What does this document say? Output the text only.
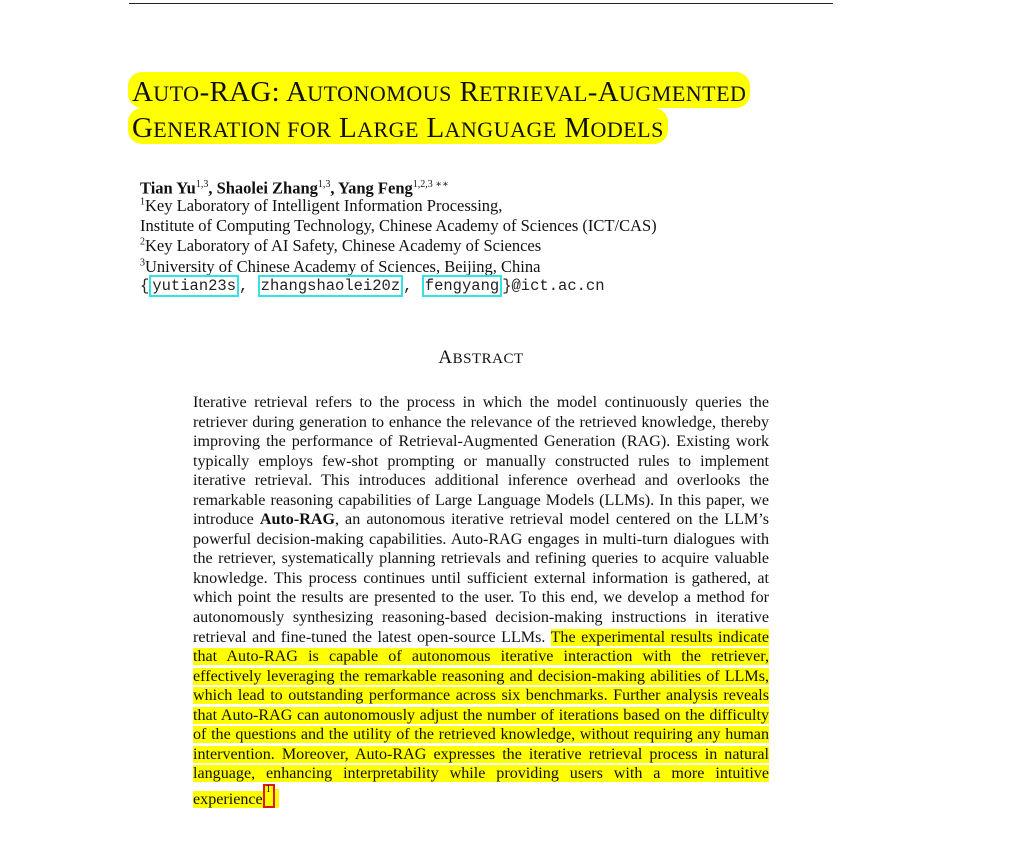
AUTO-RAG: AUTONOMOUS RETRIEVAL-AUGMENTED
GENERATION FOR LARGE LANGUAGE MODELS
Tian Yu$^{1,3}$, Shaolei Zhang$^{1,3}$, Yang Feng$^{1,2,3 ∗∗}$
$^1$Key Laboratory of Intelligent Information Processing,
Institute of Computing Technology, Chinese Academy of Sciences (ICT/CAS)
$^2$Key Laboratory of AI Safety, Chinese Academy of Sciences
$^3$University of Chinese Academy of Sciences, Beijing, China
{ yutian23s , zhangshaolei20z , fengyang }@ict.ac.cn
ABSTRACT
Iterative retrieval refers to the process in which the model continuously queries the retriever during generation to enhance the relevance of the retrieved knowledge, thereby improving the performance of Retrieval-Augmented Generation (RAG). Existing work typically employs few-shot prompting or manually constructed rules to implement iterative retrieval. This introduces additional inference overhead and overlooks the remarkable reasoning capabilities of Large Language Models (LLMs). In this paper, we introduce Auto-RAG, an autonomous iterative retrieval model centered on the LLM’s powerful decision-making capabilities. Auto-RAG engages in multi-turn dialogues with the retriever, systematically planning retrievals and refining queries to acquire valuable knowledge. This process continues until sufficient external information is gathered, at which point the results are presented to the user. To this end, we develop a method for autonomously synthesizing reasoning-based decision-making instructions in iterative retrieval and fine-tuned the latest open-source LLMs. The experimental results indicate that Auto-RAG is capable of autonomous iterative interaction with the retriever, effectively leveraging the remarkable reasoning and decision-making abilities of LLMs, which lead to outstanding performance across six benchmarks. Further analysis reveals that Auto-RAG can autonomously adjust the number of iterations based on the difficulty of the questions and the utility of the retrieved knowledge, without requiring any human intervention. Moreover, Auto-RAG expresses the iterative retrieval process in natural language, enhancing interpretability while providing users with a more intuitive experience
1
